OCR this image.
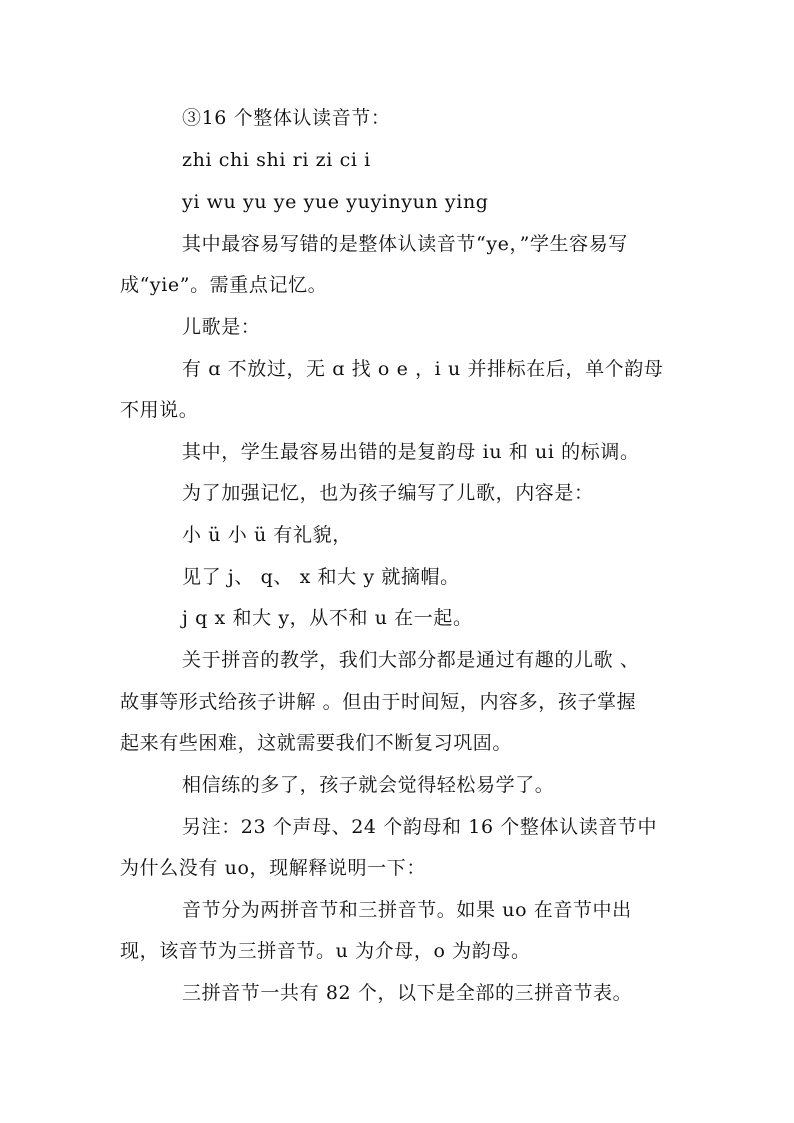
③16 个整体认读音节：
zhi chi shi ri zi ci i
yi wu yu ye yue yuyinyun ying
其中最容易写错的是整体认读音节“ye，”学生容易写
成“yie”。需重点记忆。
儿歌是：
有 ɑ 不放过，无 ɑ 找 o e ，i u 并排标在后，单个韵母
不用说。
其中，学生最容易出错的是复韵母 iu 和 ui 的标调。
为了加强记忆，也为孩子编写了儿歌，内容是：
小 ü 小 ü 有礼貌，
见了 j、 q、 x 和大 y 就摘帽。
j q x 和大 y，从不和 u 在一起。
关于拼音的教学，我们大部分都是通过有趣的儿歌 、
故事等形式给孩子讲解 。但由于时间短，内容多，孩子掌握
起来有些困难，这就需要我们不断复习巩固。
相信练的多了，孩子就会觉得轻松易学了。
另注：23 个声母、24 个韵母和 16 个整体认读音节中
为什么没有 uo，现解释说明一下：
音节分为两拼音节和三拼音节。如果 uo 在音节中出
现，该音节为三拼音节。u 为介母，o 为韵母。
三拼音节一共有 82 个，以下是全部的三拼音节表。
